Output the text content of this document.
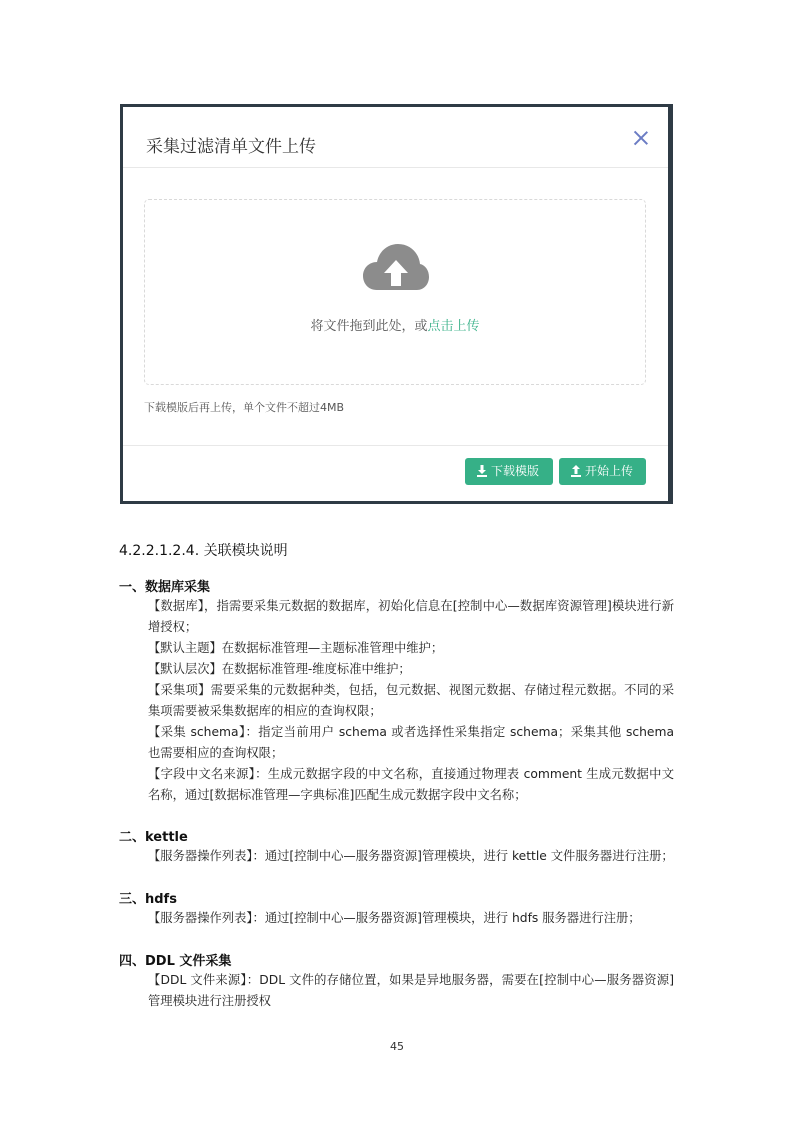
采集过滤清单文件上传
将文件拖到此处，或点击上传
下载模版后再上传，单个文件不超过4MB
下载模版	开始上传
4.2.2.1.2.4. 关联模块说明
一、数据库采集
【数据库】，指需要采集元数据的数据库，初始化信息在[控制中心—数据库资源管理]模块进行新增授权；
【默认主题】在数据标准管理—主题标准管理中维护；
【默认层次】在数据标准管理-维度标准中维护；
【采集项】需要采集的元数据种类，包括，包元数据、视图元数据、存储过程元数据。不同的采集项需要被采集数据库的相应的查询权限；
【采集 schema】：指定当前用户 schema 或者选择性采集指定 schema；采集其他 schema 也需要相应的查询权限；
【字段中文名来源】：生成元数据字段的中文名称，直接通过物理表 comment 生成元数据中文名称，通过[数据标准管理—字典标准]匹配生成元数据字段中文名称；
二、kettle
【服务器操作列表】：通过[控制中心—服务器资源]管理模块，进行 kettle 文件服务器进行注册；
三、hdfs
【服务器操作列表】：通过[控制中心—服务器资源]管理模块，进行 hdfs 服务器进行注册；
四、DDL 文件采集
【DDL 文件来源】：DDL 文件的存储位置，如果是异地服务器，需要在[控制中心—服务器资源]管理模块进行注册授权
45
